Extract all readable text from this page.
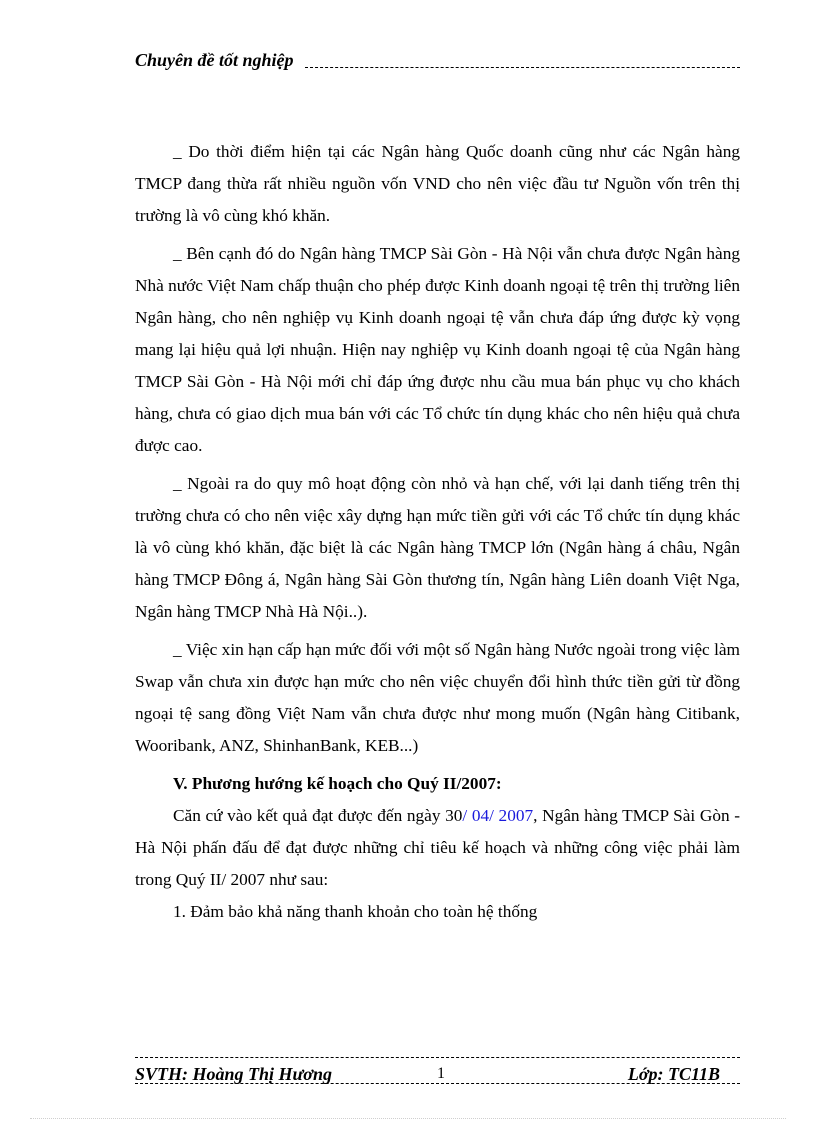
Chuyên đề tốt nghiệp

_ Do thời điểm hiện tại các Ngân hàng Quốc doanh cũng như các Ngân hàng TMCP đang thừa rất nhiều nguồn vốn VND cho nên việc đầu tư Nguồn vốn trên thị trường là vô cùng khó khăn.

_ Bên cạnh đó do Ngân hàng TMCP Sài Gòn - Hà Nội vẫn chưa được Ngân hàng Nhà nước Việt Nam chấp thuận cho phép được Kinh doanh ngoại tệ trên thị trường liên Ngân hàng, cho nên nghiệp vụ Kinh doanh ngoại tệ vẫn chưa đáp ứng được kỳ vọng mang lại hiệu quả lợi nhuận. Hiện nay nghiệp vụ Kinh doanh ngoại tệ của Ngân hàng TMCP Sài Gòn - Hà Nội mới chỉ đáp ứng được nhu cầu mua bán phục vụ cho khách hàng, chưa có giao dịch mua bán với các Tổ chức tín dụng khác cho nên hiệu quả chưa được cao.

_ Ngoài ra do quy mô hoạt động còn nhỏ và hạn chế, với lại danh tiếng trên thị trường chưa có cho nên việc xây dựng hạn mức tiền gửi với các Tổ chức tín dụng khác là vô cùng khó khăn, đặc biệt là các Ngân hàng TMCP lớn (Ngân hàng á châu, Ngân hàng TMCP Đông á, Ngân hàng Sài Gòn thương tín, Ngân hàng Liên doanh Việt Nga, Ngân hàng TMCP Nhà Hà Nội..).

_ Việc xin hạn cấp hạn mức đối với một số Ngân hàng Nước ngoài trong việc làm Swap vẫn chưa xin được hạn mức cho nên việc chuyển đổi hình thức tiền gửi từ đồng ngoại tệ sang đồng Việt Nam vẫn chưa được như mong muốn (Ngân hàng Citibank, Wooribank, ANZ, ShinhanBank, KEB...)

V. Phương hướng kế hoạch cho Quý II/2007:

Căn cứ vào kết quả đạt được đến ngày 30/ 04/ 2007, Ngân hàng TMCP Sài Gòn - Hà Nội phấn đấu để đạt được những chỉ tiêu kế hoạch và những công việc phải làm trong Quý II/ 2007 như sau:

1. Đảm bảo khả năng thanh khoản cho toàn hệ thống

SVTH: Hoàng Thị Hương	1	Lớp: TC11B
